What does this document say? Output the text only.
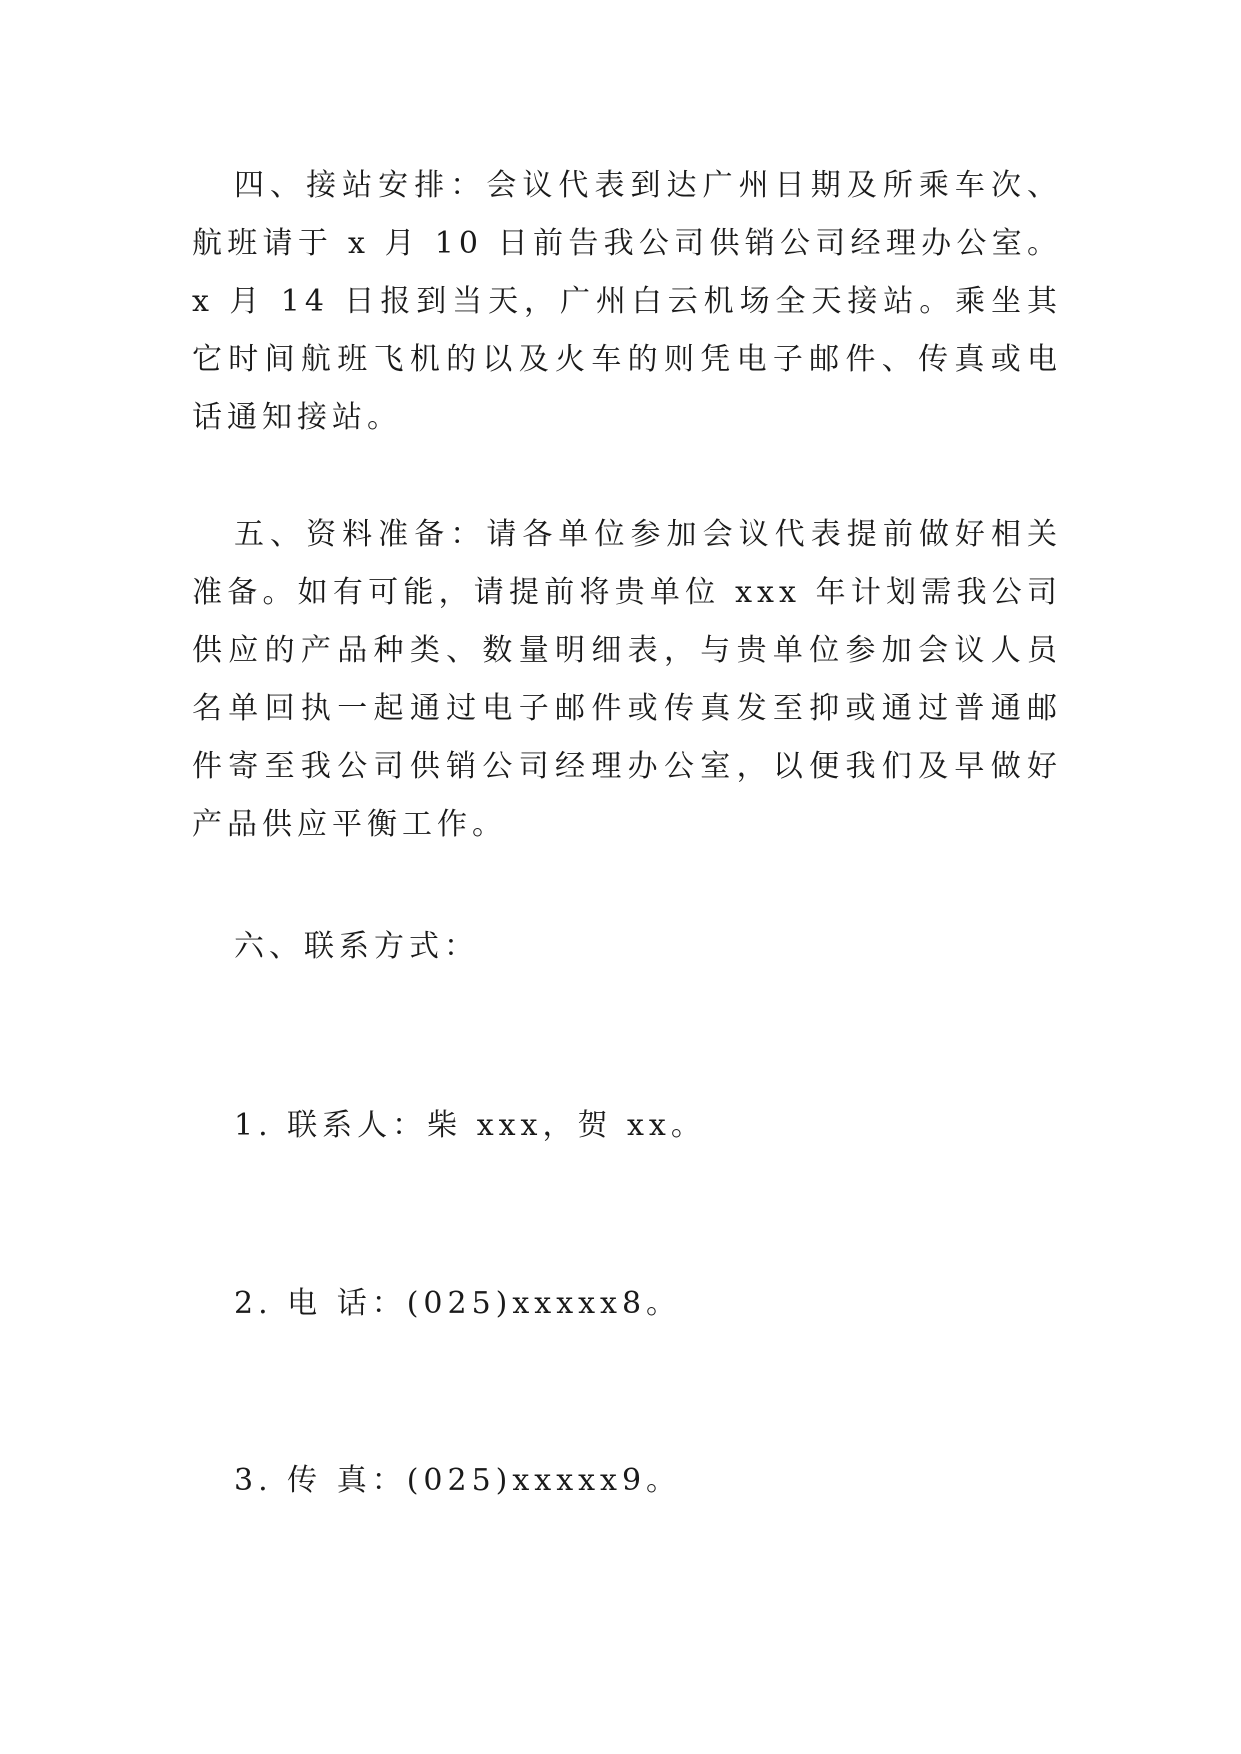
四、接站安排：会议代表到达广州日期及所乘车次、航班请于 x 月 10 日前告我公司供销公司经理办公室。x 月 14 日报到当天，广州白云机场全天接站。乘坐其它时间航班飞机的以及火车的则凭电子邮件、传真或电话通知接站。

五、资料准备：请各单位参加会议代表提前做好相关准备。如有可能，请提前将贵单位 xxx 年计划需我公司供应的产品种类、数量明细表，与贵单位参加会议人员名单回执一起通过电子邮件或传真发至抑或通过普通邮件寄至我公司供销公司经理办公室，以便我们及早做好产品供应平衡工作。

六、联系方式：

1. 联系人：柴 xxx，贺 xx。

2. 电 话：(025)xxxxx8。

3. 传 真：(025)xxxxx9。
